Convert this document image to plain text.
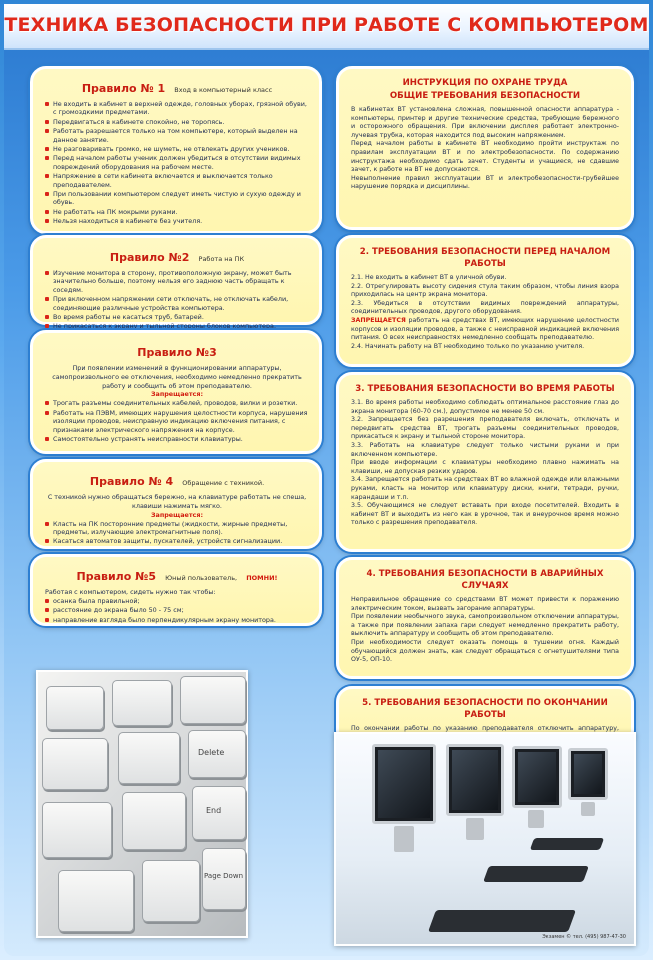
ТЕХНИКА БЕЗОПАСНОСТИ ПРИ РАБОТЕ С КОМПЬЮТЕРОМ
Правило № 1 Вход в компьютерный класс
Не входить в кабинет в верхней одежде, головных уборах, грязной обуви, с громоздкими предметами.
Передвигаться в кабинете спокойно, не торопясь.
Работать разрешается только на том компьютере, который выделен на данное занятие.
Не разговаривать громко, не шуметь, не отвлекать других учеников.
Перед началом работы ученик должен убедиться в отсутствии видимых повреждений оборудования на рабочем месте.
Напряжение в сети кабинета включается и выключается только преподавателем.
При пользовании компьютером следует иметь чистую и сухую одежду и обувь.
Не работать на ПК мокрыми руками.
Нельзя находиться в кабинете без учителя.
Правило №2 Работа на ПК
Изучение монитора в сторону, противоположную экрану, может быть значительно больше, поэтому нельзя его заднюю часть обращать к соседям.
При включенном напряжении сети отключать, не отключать кабели, соединяющие различные устройства компьютера.
Во время работы не касаться труб, батарей.
Не прикасаться к экрану и тыльной стороны блоков компьютера.
Правило №3

При появлении изменений в функционировании аппаратуры, самопроизвольного ее отключения, необходимо немедленно прекратить работу и сообщить об этом преподавателю.

Запрещается:
Трогать разъемы соединительных кабелей, проводов, вилки и розетки.
Работать на ПЭВМ, имеющих нарушения целостности корпуса, нарушения изоляции проводов, неисправную индикацию включения питания, с признаками электрического напряжения на корпусе.
Самостоятельно устранять неисправности клавиатуры.
Правило № 4 Обращение с техникой.

С техникой нужно обращаться бережно, на клавиатуре работать не спеша, клавиши нажимать мягко.

Запрещается:
Класть на ПК посторонние предметы (жидкости, жирные предметы, предметы, излучающие электромагнитные поля).
Касаться автоматов защиты, пускателей, устройств сигнализации.
Правило №5 Юный пользователь, ПОМНИ!

Работая с компьютером, сидеть нужно так чтобы:

осанка была правильной;
расстояние до экрана было 50 - 75 см;
направление взгляда было перпендикулярным экрану монитора.
ИНСТРУКЦИЯ ПО ОХРАНЕ ТРУДА
ОБЩИЕ ТРЕБОВАНИЯ БЕЗОПАСНОСТИ

В кабинетах ВТ установлена сложная, повышенной опасности аппаратура - компьютеры, принтер и другие технические средства, требующие бережного и осторожного обращения. При включении дисплея работает электронно-лучевая трубка, которая находится под высоким напряжением.

Перед началом работы в кабинете ВТ необходимо пройти инструктаж по правилам эксплуатации ВТ и по электробезопасности. По содержанию инструктажа необходимо сдать зачет. Студенты и учащиеся, не сдавшие зачет, к работе на ВТ не допускаются.

Невыполнение правил эксплуатации ВТ и электробезопасности-грубейшее нарушение порядка и дисциплины.

2. ТРЕБОВАНИЯ БЕЗОПАСНОСТИ ПЕРЕД НАЧАЛОМ РАБОТЫ

2.1. Не входить в кабинет ВТ в уличной обуви.

2.2. Отрегулировать высоту сидения стула таким образом, чтобы линия взора приходилась на центр экрана монитора.

2.3. Убедиться в отсутствии видимых повреждений аппаратуры, соединительных проводов, другого оборудования.

ЗАПРЕЩАЕТСЯ работать на средствах ВТ, имеющих нарушение целостности корпусов и изоляции проводов, а также с неисправной индикацией включения питания. О всех неисправностях немедленно сообщать преподавателю.

2.4. Начинать работу на ВТ необходимо только по указанию учителя.

3. ТРЕБОВАНИЯ БЕЗОПАСНОСТИ ВО ВРЕМЯ РАБОТЫ

3.1. Во время работы необходимо соблюдать оптимальное расстояние глаз до экрана монитора (60-70 см.), допустимое не менее 50 см.

3.2. Запрещается без разрешения преподавателя включать, отключать и передвигать средства ВТ, трогать разъемы соединительных проводов, прикасаться к экрану и тыльной стороне монитора.

3.3. Работать на клавиатуре следует только чистыми руками и при включенном компьютере.

При вводе информации с клавиатуры необходимо плавно нажимать на клавиши, не допуская резких ударов.

3.4. Запрещается работать на средствах ВТ во влажной одежде или влажными руками, класть на монитор или клавиатуру диски, книги, тетради, ручки, карандаши и т.п.

3.5. Обучающимся не следует вставать при входе посетителей. Входить в кабинет ВТ и выходить из него как в урочное, так и внеурочное время можно только с разрешения преподавателя.

4. ТРЕБОВАНИЯ БЕЗОПАСНОСТИ В АВАРИЙНЫХ СЛУЧАЯХ

Неправильное обращение со средствами ВТ может привести к поражению электрическим током, вызвать загорание аппаратуры.

При появлении необычного звука, самопроизвольном отключении аппаратуры, а также при появлении запаха гари следует немедленно прекратить работу, выключить аппаратуру и сообщить об этом преподавателю.

При необходимости следует оказать помощь в тушении огня. Каждый обучающийся должен знать, как следует обращаться с огнетушителями типа ОУ-5, ОП-10.

5. ТРЕБОВАНИЯ БЕЗОПАСНОСТИ ПО ОКОНЧАНИИ РАБОТЫ

По окончании работы по указанию преподавателя отключить аппаратуру,

Delete
End
Page Down
Экзамен © тел. (495) 987-47-30
